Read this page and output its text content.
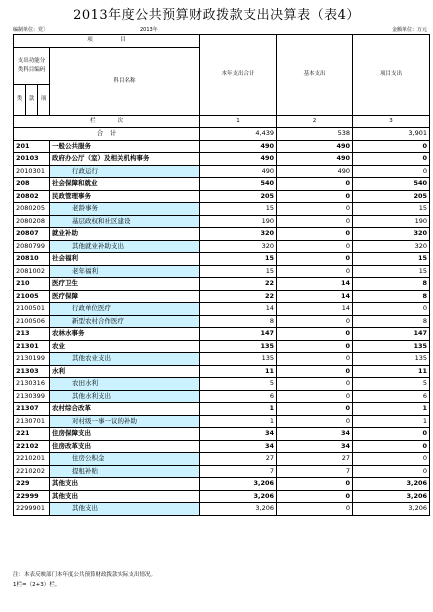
2013年度公共预算财政拨款支出决算表（表4）
编制单位：党〕	2013年	金额单位：万元
项　　　　　目				本年支出合计	基本支出	项目支出
支出功能分类科目编码			科目名称			
类	款	项				
栏　　　　次				1	2	3
合　计				4,439	538	3,901
201			一般公共服务	490	490	0
20103			政府办公厅（室）及相关机构事务	490	490	0
2010301			行政运行	490	490	0
208			社会保障和就业	540	0	540
20802			民政管理事务	205	0	205
2080205			老龄事务	15	0	15
2080208			基层政权和社区建设	190	0	190
20807			就业补助	320	0	320
2080799			其他就业补助支出	320	0	320
20810			社会福利	15	0	15
2081002			老年福利	15	0	15
210			医疗卫生	22	14	8
21005			医疗保障	22	14	8
2100501			行政单位医疗	14	14	0
2100506			新型农村合作医疗	8	0	8
213			农林水事务	147	0	147
21301			农业	135	0	135
2130199			其他农业支出	135	0	135
21303			水利	11	0	11
2130316			农田水利	5	0	5
2130399			其他水利支出	6	0	6
21307			农村综合改革	1	0	1
2130701			对村级一事一议的补助	1	0	1
221			住房保障支出	34	34	0
22102			住房改革支出	34	34	0
2210201			住房公积金	27	27	0
2210202			提租补贴	7	7	0
229			其他支出	3,206	0	3,206
22999			其他支出	3,206	0	3,206
2299901			其他支出	3,206	0	3,206
注：本表反映部门本年度公共预算财政拨款实际支出情况。
1栏=（2+3）栏。
